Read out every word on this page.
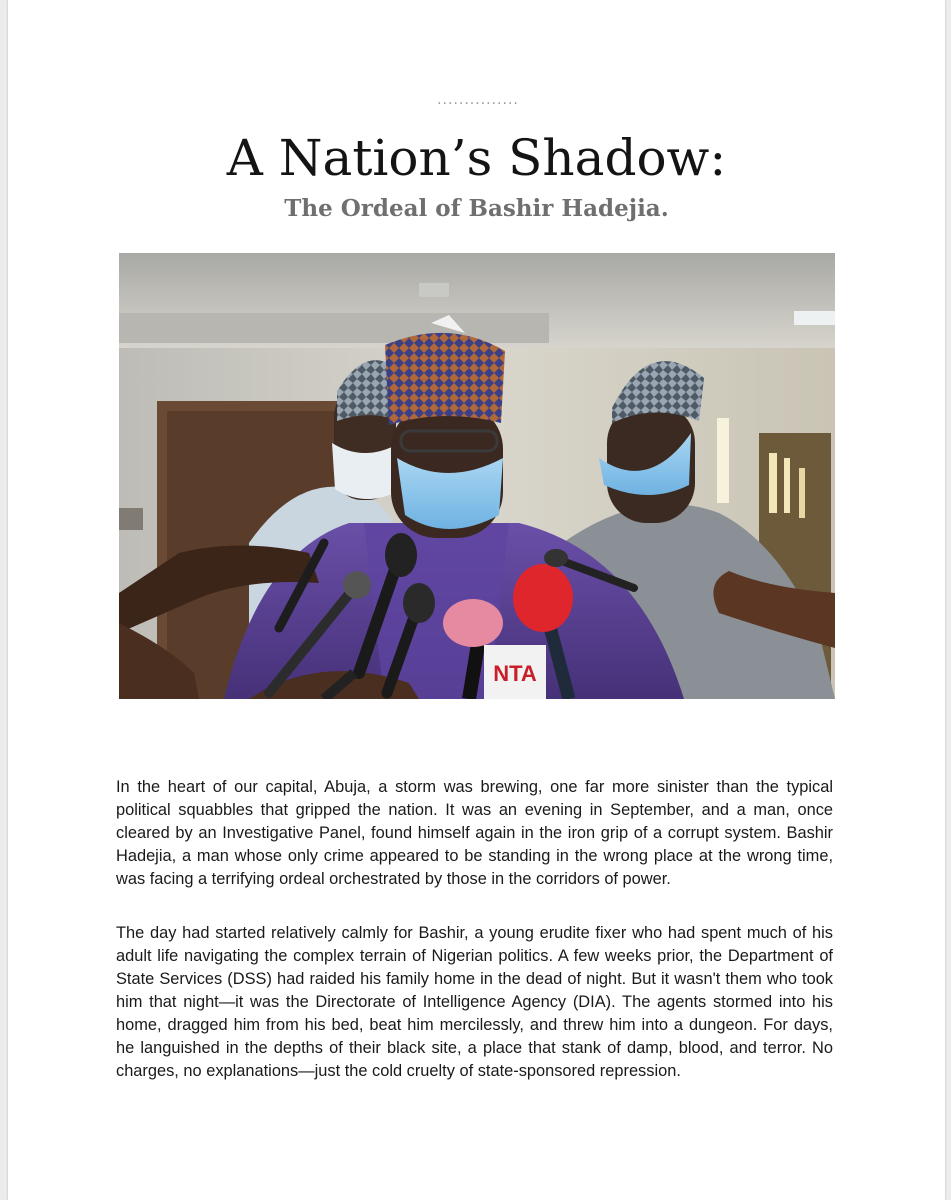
···············
A Nation’s Shadow:
The Ordeal of Bashir Hadejia.
NTA

In the heart of our capital, Abuja, a storm was brewing, one far more sinister than the typical political squabbles that gripped the nation. It was an evening in September, and a man, once cleared by an Investigative Panel, found himself again in the iron grip of a corrupt system. Bashir Hadejia, a man whose only crime appeared to be standing in the wrong place at the wrong time, was facing a terrifying ordeal orchestrated by those in the corridors of power.

The day had started relatively calmly for Bashir, a young erudite fixer who had spent much of his adult life navigating the complex terrain of Nigerian politics. A few weeks prior, the Department of State Services (DSS) had raided his family home in the dead of night. But it wasn't them who took him that night—it was the Directorate of Intelligence Agency (DIA). The agents stormed into his home, dragged him from his bed, beat him mercilessly, and threw him into a dungeon. For days, he languished in the depths of their black site, a place that stank of damp, blood, and terror. No charges, no explanations—just the cold cruelty of state-sponsored repression.
